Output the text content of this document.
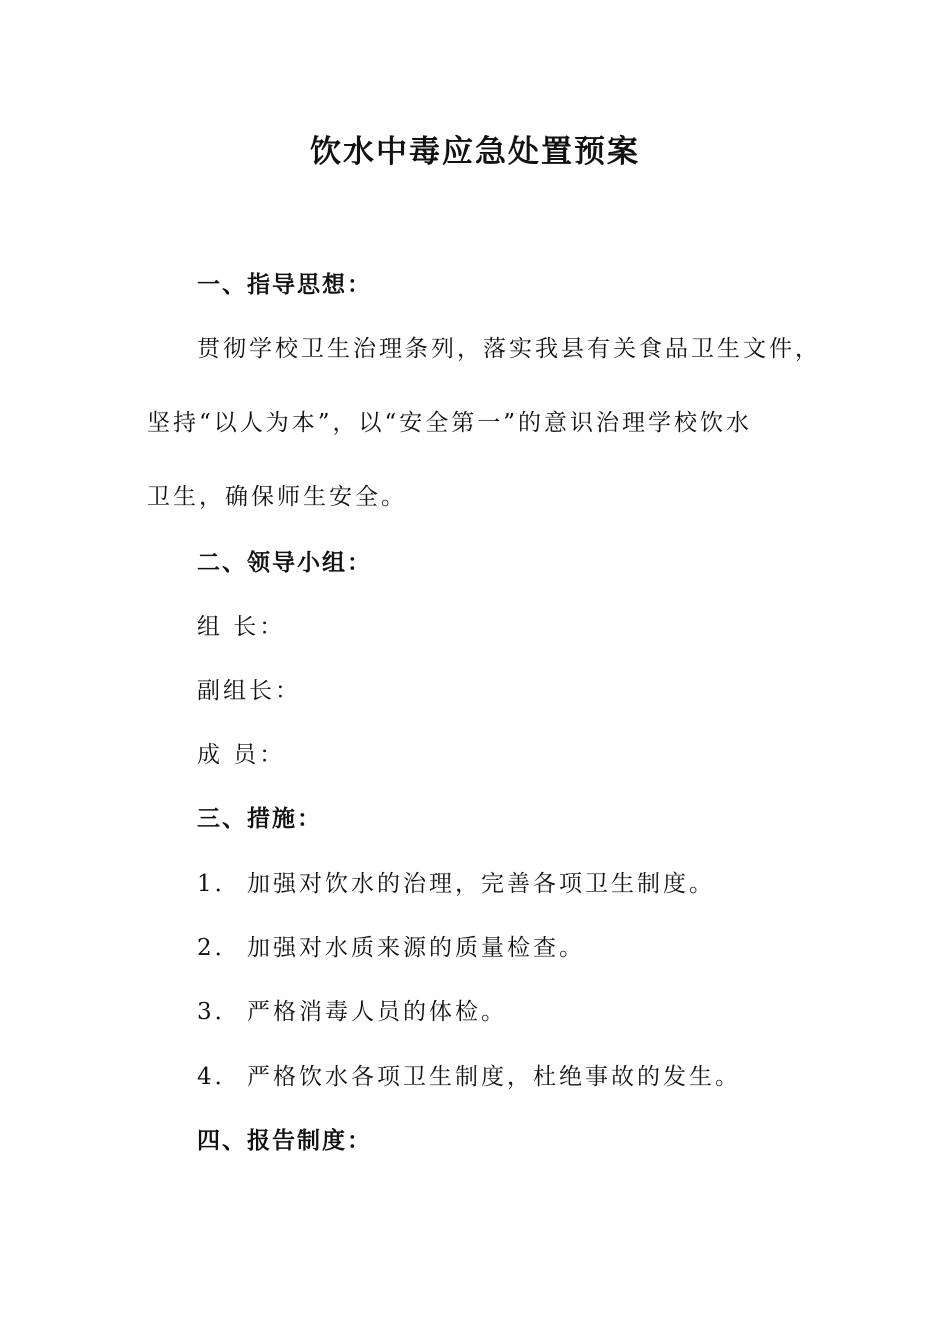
饮水中毒应急处置预案

一、指导思想：

贯彻学校卫生治理条列，落实我县有关食品卫生文件，

坚持“以人为本”，以“安全第一”的意识治理学校饮水

卫生，确保师生安全。

二、领导小组：

组 长：

副组长：

成 员：

三、措施：

1． 加强对饮水的治理，完善各项卫生制度。

2． 加强对水质来源的质量检查。

3． 严格消毒人员的体检。

4． 严格饮水各项卫生制度，杜绝事故的发生。

四、报告制度：
